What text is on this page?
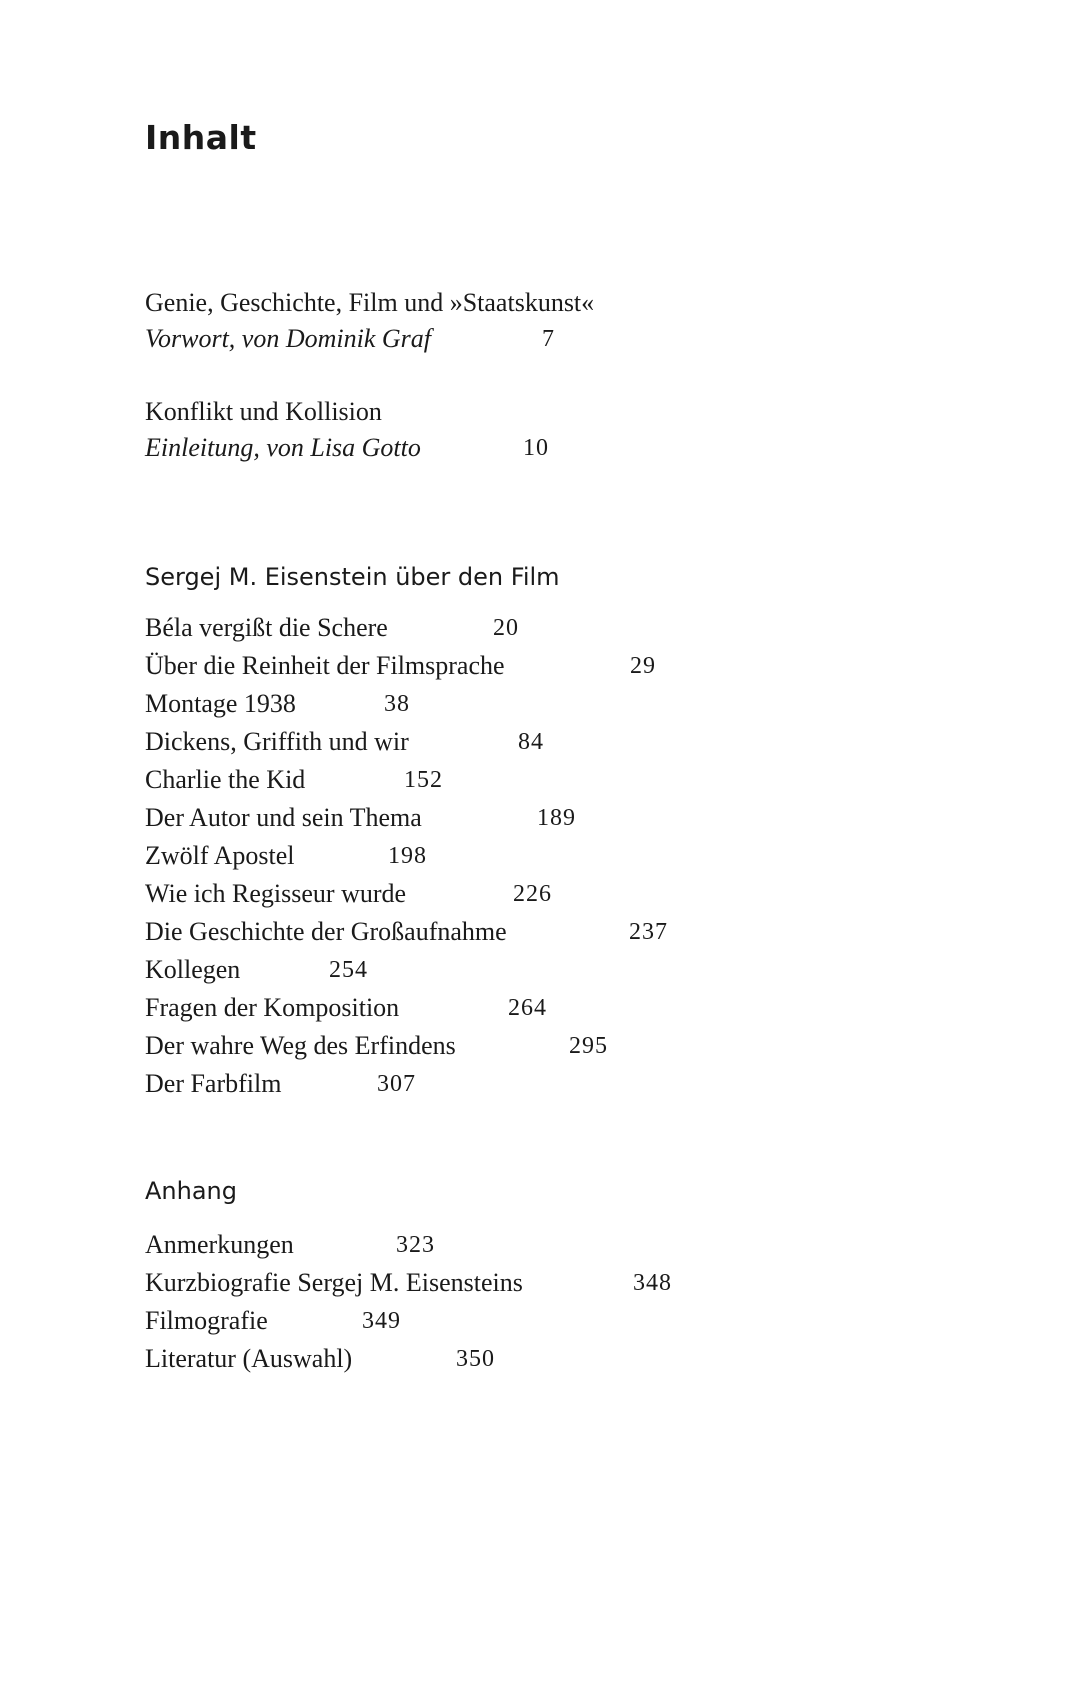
Inhalt
Genie, Geschichte, Film und »Staatskunst«
Vorwort, von Dominik Graf	7
Konflikt und Kollision
Einleitung, von Lisa Gotto	10
Sergej M. Eisenstein über den Film
Béla vergißt die Schere	20
Über die Reinheit der Filmsprache	29
Montage 1938	38
Dickens, Griffith und wir	84
Charlie the Kid	152
Der Autor und sein Thema	189
Zwölf Apostel	198
Wie ich Regisseur wurde	226
Die Geschichte der Großaufnahme	237
Kollegen	254
Fragen der Komposition	264
Der wahre Weg des Erfindens	295
Der Farbfilm	307
Anhang
Anmerkungen	323
Kurzbiografie Sergej M. Eisensteins	348
Filmografie	349
Literatur (Auswahl)	350
